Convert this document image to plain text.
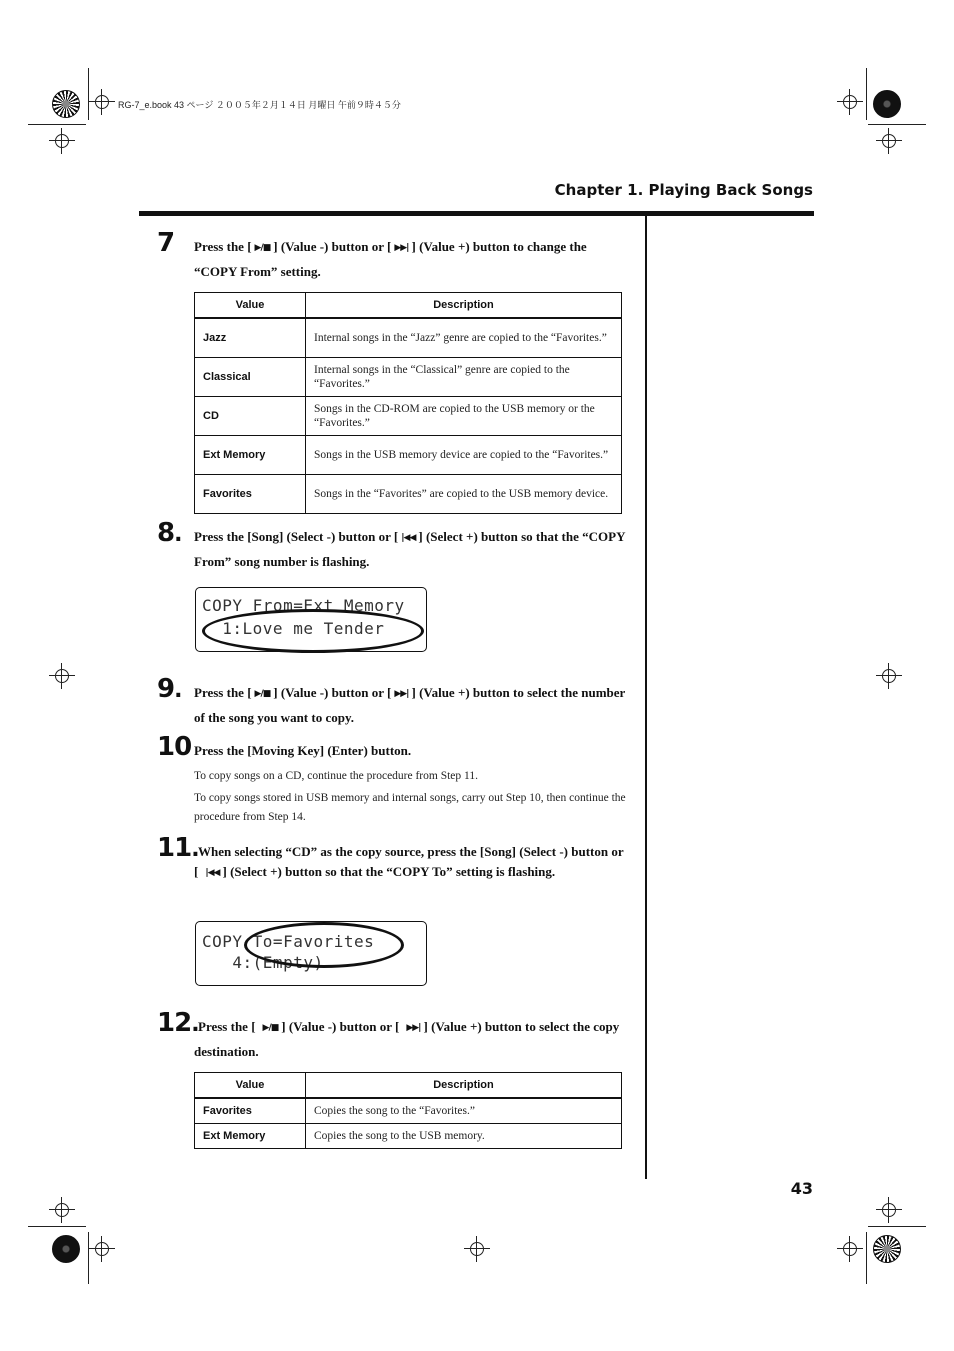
RG-7_e.book 43 ページ ２００５年２月１４日 月曜日 午前９時４５分
Chapter 1. Playing Back Songs
7 Press the [ ▶/■ ] (Value -) button or [ ▶▶| ] (Value +) button to change the “COPY From” setting.
Value	Description
Jazz	Internal songs in the “Jazz” genre are copied to the “Favorites.”
Classical	Internal songs in the “Classical” genre are copied to the “Favorites.”
CD	Songs in the CD-ROM are copied to the USB memory or the “Favorites.”
Ext Memory	Songs in the USB memory device are copied to the “Favorites.”
Favorites	Songs in the “Favorites” are copied to the USB memory device.
8. Press the [Song] (Select -) button or [ |◀◀ ] (Select +) button so that the “COPY From” song number is flashing.
COPY From=Ext Memory
1:Love me Tender
9. Press the [ ▶/■ ] (Value -) button or [ ▶▶| ] (Value +) button to select the number of the song you want to copy.
10 Press the [Moving Key] (Enter) button.
To copy songs on a CD, continue the procedure from Step 11.
To copy songs stored in USB memory and internal songs, carry out Step 10, then continue the procedure from Step 14.
11. When selecting “CD” as the copy source, press the [Song] (Select -) button or [ |◀◀ ] (Select +) button so that the “COPY To” setting is flashing.
COPY To=Favorites
4:(Empty)
12. Press the [ ▶/■ ] (Value -) button or [ ▶▶| ] (Value +) button to select the copy destination.
Value	Description
Favorites	Copies the song to the “Favorites.”
Ext Memory	Copies the song to the USB memory.
43
